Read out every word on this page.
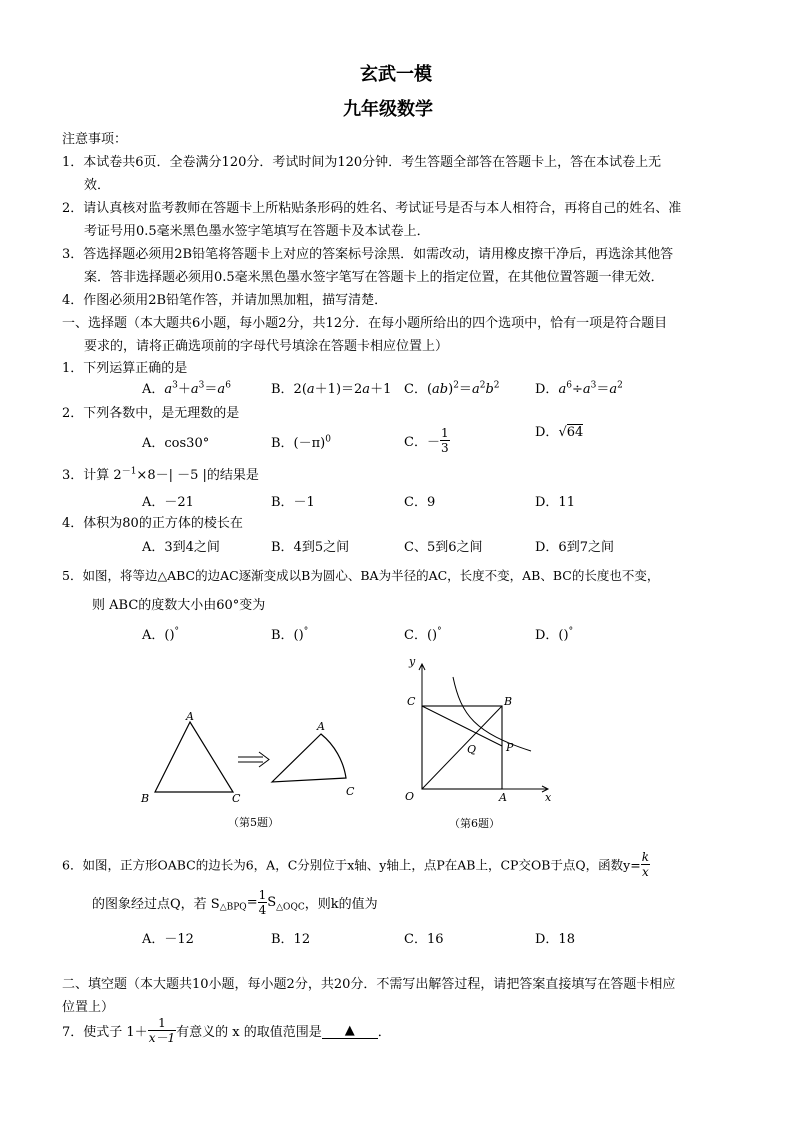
玄武一模
九年级数学
注意事项：
1．本试卷共6页．全卷满分120分．考试时间为120分钟．考生答题全部答在答题卡上，答在本试卷上无
效．
2．请认真核对监考教师在答题卡上所粘贴条形码的姓名、考试证号是否与本人相符合，再将自己的姓名、准
考证号用0.5毫米黑色墨水签字笔填写在答题卡及本试卷上．
3．答选择题必须用2B铅笔将答题卡上对应的答案标号涂黑．如需改动，请用橡皮擦干净后，再选涂其他答
案．答非选择题必须用0.5毫米黑色墨水签字笔写在答题卡上的指定位置，在其他位置答题一律无效．
4．作图必须用2B铅笔作答，并请加黑加粗，描写清楚．
一、选择题（本大题共6小题，每小题2分，共12分．在每小题所给出的四个选项中，恰有一项是符合题目
要求的，请将正确选项前的字母代号填涂在答题卡相应位置上）
1．下列运算正确的是
A．$a^3+a^3=a^6$	B．2(a＋1)＝2a＋1 C．$(ab)^2=a^2b^2$	D．$a^6\div a^3=a^2$
2．下列各数中，是无理数的是
A．cos30°	B．$(-\pi)^0$	C．－ $\frac{1}{3}$	D．√64
3．计算 $2^{-1}\times 8-| -5$ |的结果是
A．－21	B．－1	C．9	D．11
4．体积为80的正方体的棱长在
A．3到4之间	B．4到5之间	C、5到6之间	D．6到7之间
5．如图，将等边△ABC的边AC逐渐变成以B为圆心、BA为半径的AC，长度不变，AB、BC的长度也不变，
则 ABC的度数大小由60°变为
A．()°	B．()°	C．()°	D．()°
A
B	C
A
C
（第5题）
y
x
O	A
B
C
P
Q
（第6题）
6．如图，正方形OABC的边长为6，A，C分别位于x轴、y轴上，点P在AB上，CP交OB于点Q，函数$y= \frac{k}{x}$
的图象经过点Q，若 $S_{\triangle BPQ}= \frac{1}{4} S_{\triangle OQC}$，则k的值为
A．－12	B．12	C．16	D．18
二、填空题（本大题共10小题，每小题2分，共20分．不需写出解答过程，请把答案直接填写在答题卡相应
位置上）
7．使式子 $1+ \frac{1}{x-1}$ 有意义的 x 的取值范围是 ▲ ．
